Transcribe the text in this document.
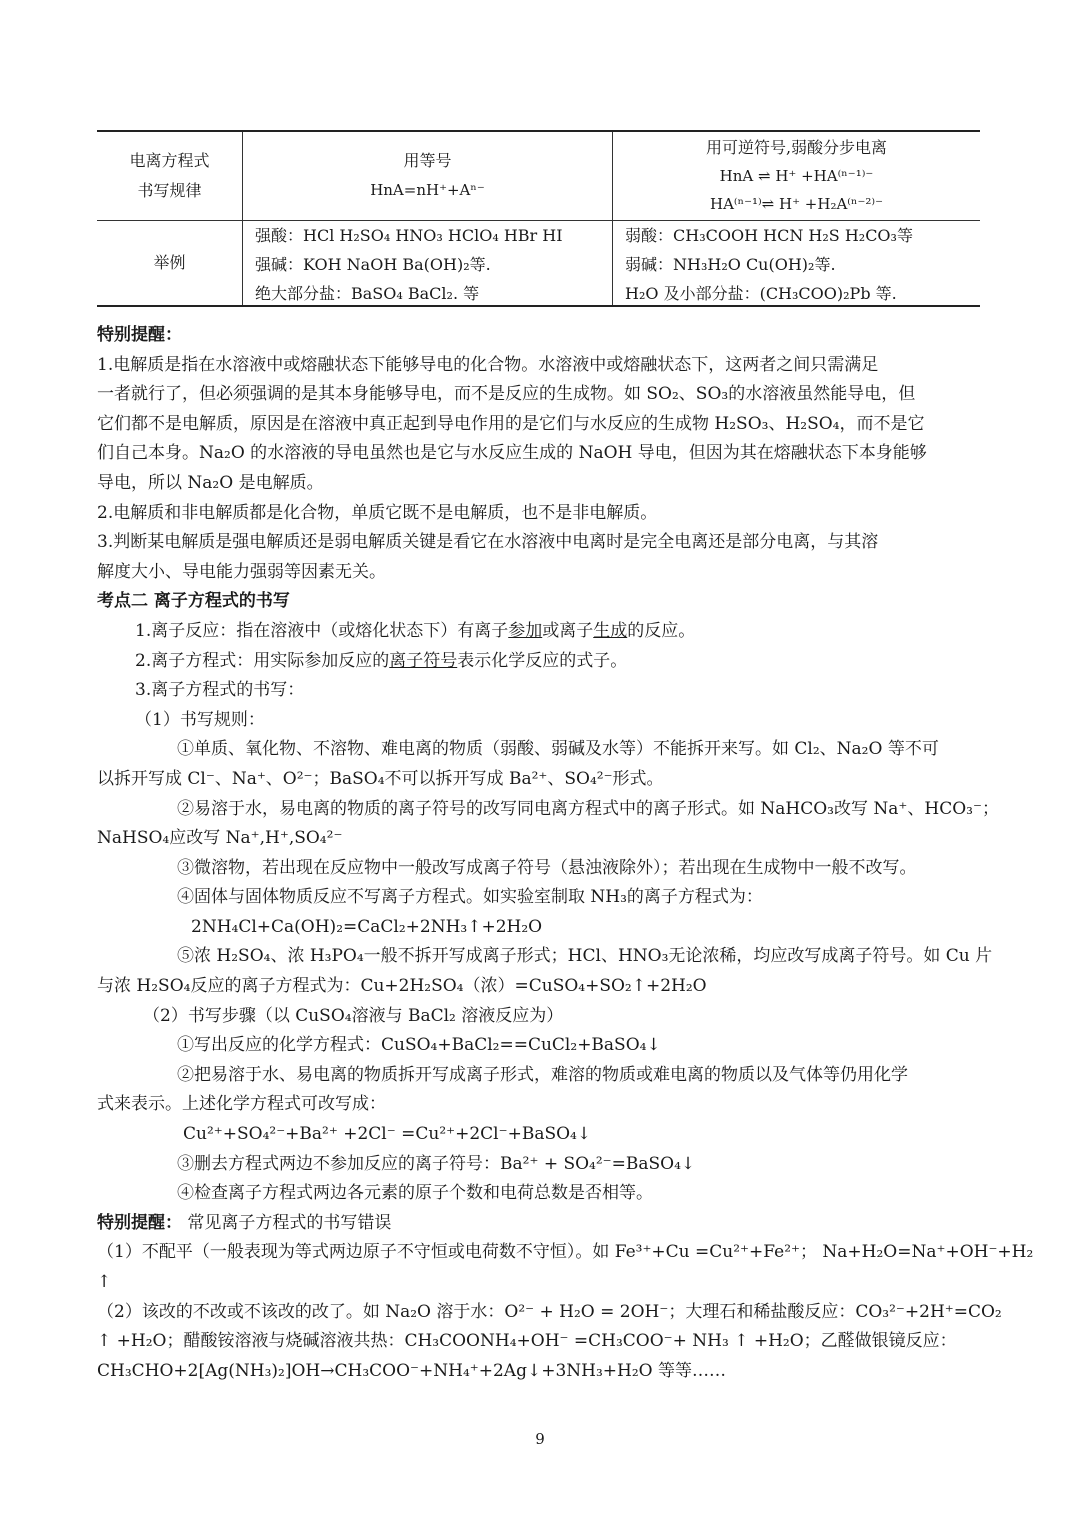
电离方程式
书写规律
用等号
HnA=nH⁺+Aⁿ⁻
用可逆符号,弱酸分步电离
HnA ⇌ H⁺ +HA⁽ⁿ⁻¹⁾⁻
HA⁽ⁿ⁻¹⁾⇌ H⁺ +H₂A⁽ⁿ⁻²⁾⁻
举例
强酸：HCl H₂SO₄ HNO₃ HClO₄ HBr HI
强碱：KOH NaOH Ba(OH)₂等.
绝大部分盐：BaSO₄ BaCl₂. 等
弱酸：CH₃COOH HCN H₂S H₂CO₃等
弱碱：NH₃H₂O Cu(OH)₂等.
H₂O 及小部分盐：(CH₃COO)₂Pb 等.
特别提醒：
1.电解质是指在水溶液中或熔融状态下能够导电的化合物。水溶液中或熔融状态下，这两者之间只需满足
一者就行了，但必须强调的是其本身能够导电，而不是反应的生成物。如 SO₂、SO₃的水溶液虽然能导电，但
它们都不是电解质，原因是在溶液中真正起到导电作用的是它们与水反应的生成物 H₂SO₃、H₂SO₄，而不是它
们自己本身。Na₂O 的水溶液的导电虽然也是它与水反应生成的 NaOH 导电，但因为其在熔融状态下本身能够
导电，所以 Na₂O 是电解质。
2.电解质和非电解质都是化合物，单质它既不是电解质，也不是非电解质。
3.判断某电解质是强电解质还是弱电解质关键是看它在水溶液中电离时是完全电离还是部分电离，与其溶
解度大小、导电能力强弱等因素无关。
考点二 离子方程式的书写
1.离子反应：指在溶液中（或熔化状态下）有离子参加或离子生成的反应。
2.离子方程式：用实际参加反应的离子符号表示化学反应的式子。
3.离子方程式的书写：
（1）书写规则：
①单质、氧化物、不溶物、难电离的物质（弱酸、弱碱及水等）不能拆开来写。如 Cl₂、Na₂O 等不可
以拆开写成 Cl⁻、Na⁺、O²⁻；BaSO₄不可以拆开写成 Ba²⁺、SO₄²⁻形式。
②易溶于水，易电离的物质的离子符号的改写同电离方程式中的离子形式。如 NaHCO₃改写 Na⁺、HCO₃⁻；
NaHSO₄应改写 Na⁺,H⁺,SO₄²⁻
③微溶物，若出现在反应物中一般改写成离子符号（悬浊液除外）；若出现在生成物中一般不改写。
④固体与固体物质反应不写离子方程式。如实验室制取 NH₃的离子方程式为：
2NH₄Cl+Ca(OH)₂=CaCl₂+2NH₃↑+2H₂O
⑤浓 H₂SO₄、浓 H₃PO₄一般不拆开写成离子形式；HCl、HNO₃无论浓稀，均应改写成离子符号。如 Cu 片
与浓 H₂SO₄反应的离子方程式为：Cu+2H₂SO₄（浓）=CuSO₄+SO₂↑+2H₂O
（2）书写步骤（以 CuSO₄溶液与 BaCl₂ 溶液反应为）
①写出反应的化学方程式：CuSO₄+BaCl₂==CuCl₂+BaSO₄↓
②把易溶于水、易电离的物质拆开写成离子形式，难溶的物质或难电离的物质以及气体等仍用化学
式来表示。上述化学方程式可改写成：
Cu²⁺+SO₄²⁻+Ba²⁺ +2Cl⁻ =Cu²⁺+2Cl⁻+BaSO₄↓
③删去方程式两边不参加反应的离子符号：Ba²⁺ + SO₄²⁻=BaSO₄↓
④检查离子方程式两边各元素的原子个数和电荷总数是否相等。
特别提醒： 常见离子方程式的书写错误
（1）不配平（一般表现为等式两边原子不守恒或电荷数不守恒）。如 Fe³⁺+Cu =Cu²⁺+Fe²⁺； Na+H₂O=Na⁺+OH⁻+H₂
↑
（2）该改的不改或不该改的改了。如 Na₂O 溶于水：O²⁻ + H₂O = 2OH⁻；大理石和稀盐酸反应：CO₃²⁻+2H⁺=CO₂
↑ +H₂O；醋酸铵溶液与烧碱溶液共热：CH₃COONH₄+OH⁻ =CH₃COO⁻+ NH₃ ↑ +H₂O；乙醛做银镜反应：
CH₃CHO+2[Ag(NH₃)₂]OH→CH₃COO⁻+NH₄⁺+2Ag↓+3NH₃+H₂O 等等……
9
